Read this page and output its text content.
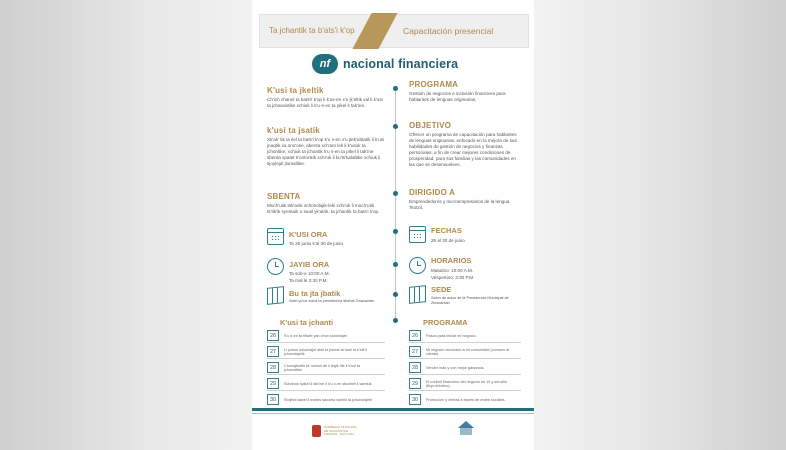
Ta jchantik ta b'ats'i k'op	Capacitación presencial
nf	nacional financiera
K'usi ta jkeltik
Ch'ich chanel ta bats'il k'op li k'us-en x'u jk'eltik val li k'usi ta jchanantike xchiuk li k'u-s-en ta pikel li tak'ine.
k'usi ta jsatik
Xk'ak' tik ta ilel ta bats'i k'op k'u s-en x'u jtek'ubtatik li k'usi jnaqtik xa ono'ose, abenta xch'am lek li k'usuk ta jchontike, xchiuk ta jchantik k'u s-en ta pikel li tak'ine sbenta xpatet k'ontonkik xchi'uk li ku'ts'kalaltike xchiuk li sjoylejal jlumaltike.
SBENTA
Much'utik tsk'anik xchonolajik-leki xchi'uk li much'utik ts'tik'ik syentaik o snail yk'atrik, ta jchantik ta bats'i k'op.
K'USI ORA
Ta 26 junio k'al 30 de junio
JAYIB ORA
Ta sob-e 10:00 A.M.
Ta mal le 3:30 P.M.
Bu ta jta jbatik
Salel yo'ue xolos ta presidencia abahal Zinacantan
K'usi ta jchanti
26	K'u x-en ta tiliwel yan chon kolomiajel
27	Li yolom kolomiajel stuk ta jlumal xk'usel ta k'elil li jchonolajelik
28	Chonajbuttik ta' schiuk de li leqik tile li k'usi ta jchonoltike
29	Schanok spikel li tak'ine li k'u x-en sbunbel li samtuk
30	Stojelal sabel li sveles sacoela ssimik ta jchonolajele
PROGRAMA
Gestión de negocios e inclusión financiera para hablantes de lenguas originarias.
OBJETIVO
Ofrecer un programa de capacitación para hablantes de lenguas originarias, enfocado en la mejora de sus habilidades de gestión de negocios y finanzas personales, a fin de crear mejores condiciones de prosperidad, para sus familias y las comunidades en las que se desenvuelven.
DIRIGIDO A
Emprendedores y microempresarios de la lengua Tsotzil.
FECHAS
26 al 30 de junio
HORARIOS
Matutino: 10:00 A.M.
Vespertino: 3:30 P.M.
SEDE
Salón de actos de la Presidencia Municipal de Zinacantán
PROGRAMA
26	Pasos para iniciar mi negocio.
27	Mi negocio vinculado a mi comunidad (conocer al cliente).
28	Vender más y con mejor ganancia.
29	El control financiero del negocio en 10 y sencillo (flujo efectivo).
30	Promoción y ventas a través de redes sociales.
GOBIERNO MUNICIPAL DE ZINACANTÁN CHIAPAS · 2021-2024
